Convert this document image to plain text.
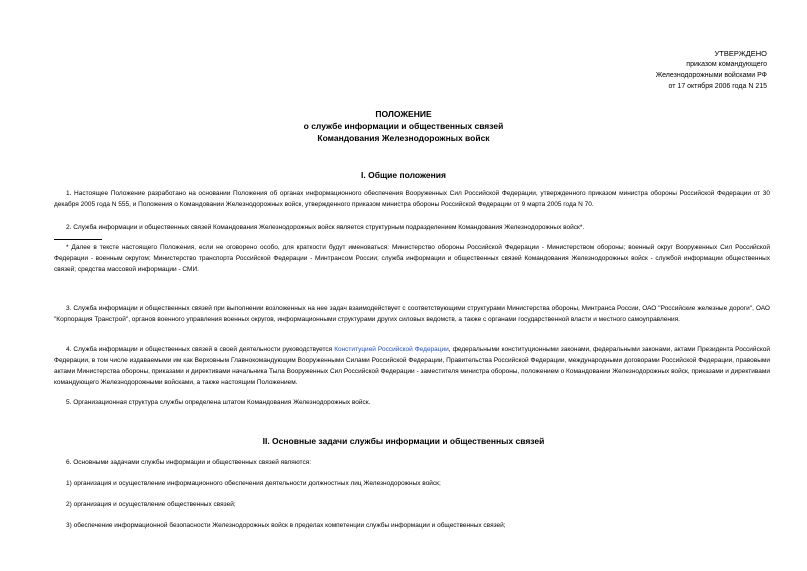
УТВЕРЖДЕНО
приказом командующего
Железнодорожными войсками РФ
от 17 октября 2006 года N 215
ПОЛОЖЕНИЕ
о службе информации и общественных связей
Командования Железнодорожных войск
I. Общие положения
1. Настоящее Положение разработано на основании Положения об органах информационного обеспечения Вооруженных Сил Российской Федерации, утвержденного приказом министра обороны Российской Федерации от 30 декабря 2005 года N 555, и Положения о Командовании Железнодорожных войск, утвержденного приказом министра обороны Российской Федерации от 9 марта 2005 года N 70.
2. Служба информации и общественных связей Командования Железнодорожных войск является структурным подразделением Командования Железнодорожных войск*.
* Далее в тексте настоящего Положения, если не оговорено особо, для краткости будут именоваться: Министерство обороны Российской Федерации - Министерством обороны; военный округ Вооруженных Сил Российской Федерации - военным округом; Министерство транспорта Российской Федерации - Минтрансом России; служба информации и общественных связей Командования Железнодорожных войск - службой информации общественных связей; средства массовой информации - СМИ.
3. Служба информации и общественных связей при выполнении возложенных на нее задач взаимодействует с соответствующими структурами Министерства обороны, Минтранса России, ОАО "Российские железные дороги", ОАО "Корпорация Транстрой", органов военного управления военных округов, информационными структурами других силовых ведомств, а также с органами государственной власти и местного самоуправления.
4. Служба информации и общественных связей в своей деятельности руководствуется Конституцией Российской Федерации, федеральными конституционными законами, федеральными законами, актами Президента Российской Федерации, в том числе издаваемыми им как Верховным Главнокомандующим Вооруженными Силами Российской Федерации, Правительства Российской Федерации, международными договорами Российской Федерации, правовыми актами Министерства обороны, приказами и директивами начальника Тыла Вооруженных Сил Российской Федерации - заместителя министра обороны, положением о Командовании Железнодорожных войск, приказами и директивами командующего Железнодорожными войсками, а также настоящим Положением.
5. Организационная структура службы определена штатом Командования Железнодорожных войск.
II. Основные задачи службы информации и общественных связей
6. Основными задачами службы информации и общественных связей являются:
1) организация и осуществление информационного обеспечения деятельности должностных лиц Железнодорожных войск;
2) организация и осуществление общественных связей;
3) обеспечение информационной безопасности Железнодорожных войск в пределах компетенции службы информации и общественных связей;
